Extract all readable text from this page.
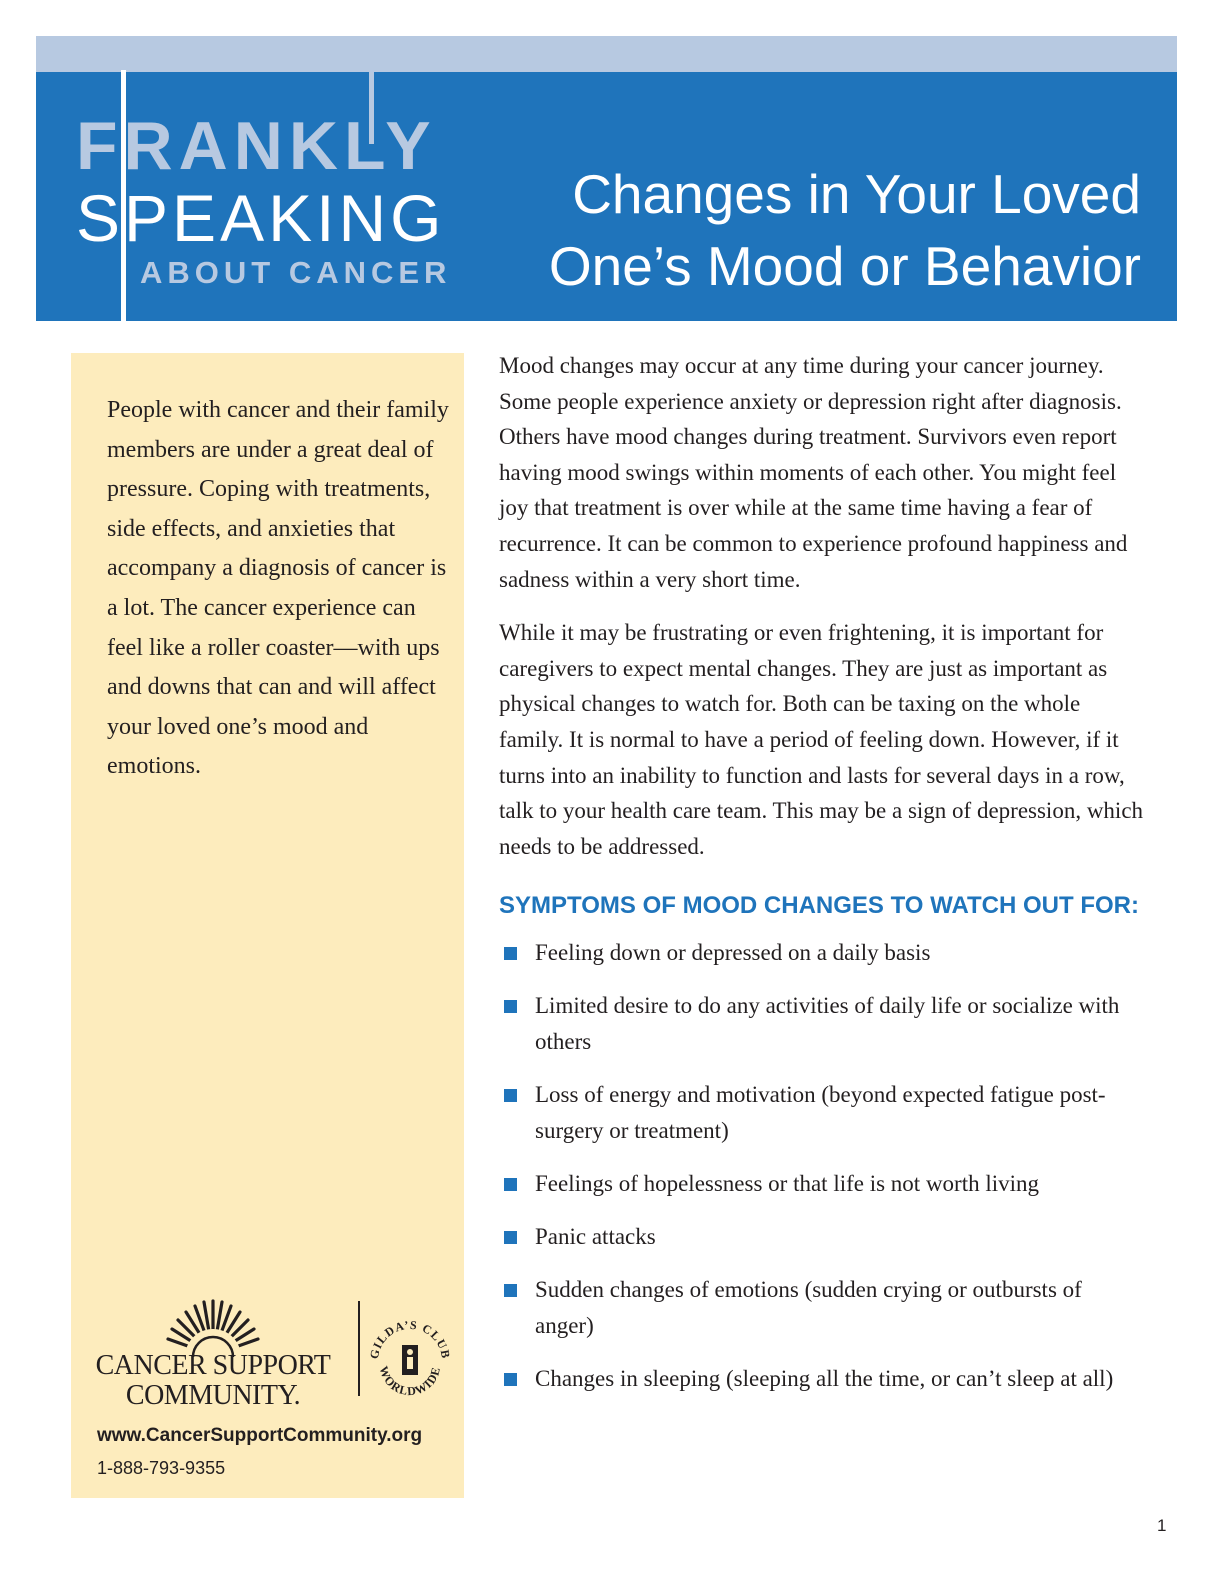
FRANKLY
SPEAKING
ABOUT CANCER
Changes in Your Loved
One’s Mood or Behavior
People with cancer and their family members are under a great deal of pressure. Coping with treatments, side effects, and anxieties that accompany a diagnosis of cancer is a lot. The cancer experience can feel like a roller coaster—with ups and downs that can and will affect your loved one’s mood and emotions.
CANCER SUPPORT
COMMUNITY.
GILDA’S CLUB
WORLDWIDE
www.CancerSupportCommunity.org
1-888-793-9355

Mood changes may occur at any time during your cancer journey. Some people experience anxiety or depression right after diagnosis. Others have mood changes during treatment. Survivors even report having mood swings within moments of each other. You might feel joy that treatment is over while at the same time having a fear of recurrence. It can be common to experience profound happiness and sadness within a very short time.

While it may be frustrating or even frightening, it is important for caregivers to expect mental changes. They are just as important as physical changes to watch for. Both can be taxing on the whole family. It is normal to have a period of feeling down. However, if it turns into an inability to function and lasts for several days in a row, talk to your health care team. This may be a sign of depression, which needs to be addressed.

SYMPTOMS OF MOOD CHANGES TO WATCH OUT FOR:
Feeling down or depressed on a daily basis
Limited desire to do any activities of daily life or socialize with others
Loss of energy and motivation (beyond expected fatigue post-surgery or treatment)
Feelings of hopelessness or that life is not worth living
Panic attacks
Sudden changes of emotions (sudden crying or outbursts of anger)
Changes in sleeping (sleeping all the time, or can’t sleep at all)
1
